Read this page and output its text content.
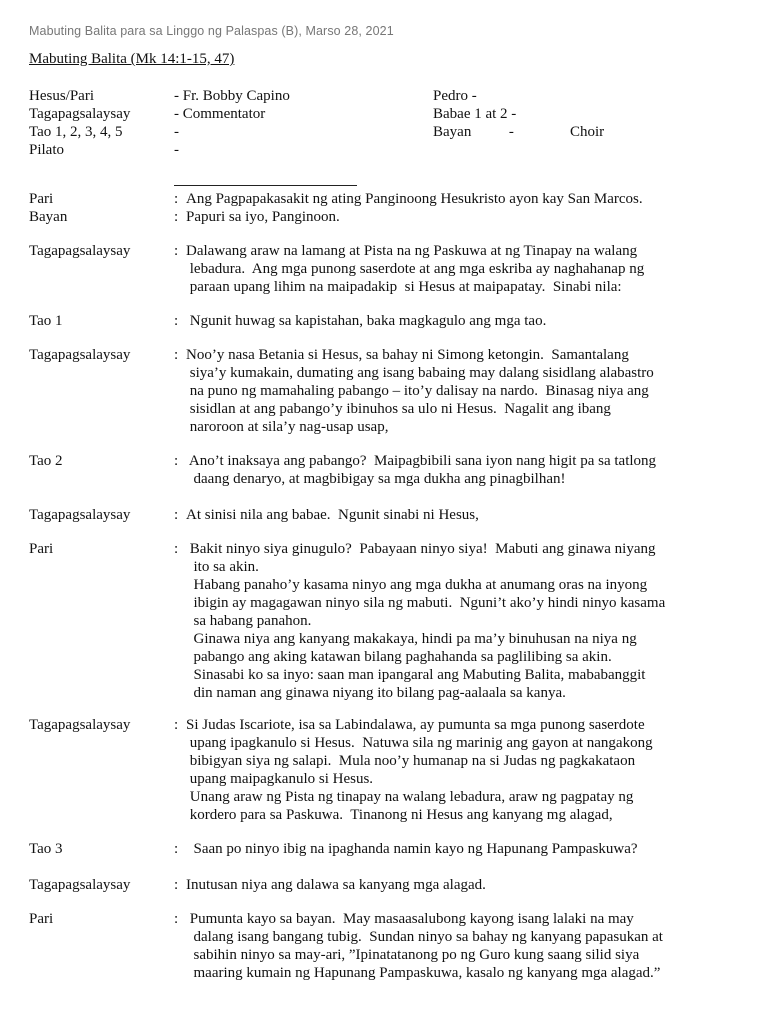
Mabuting Balita para sa Linggo ng Palaspas (B), Marso 28, 2021
Mabuting Balita (Mk 14:1-15, 47)
Hesus/Pari	- Fr. Bobby Capino	Pedro -
Tagapagsalaysay	- Commentator	Babae 1 at 2 -
Tao 1, 2, 3, 4, 5	-	Bayan          -	Choir
Pilato	-
Pari	: Ang Pagpapakasakit ng ating Panginoong Hesukristo ayon kay San Marcos.
Bayan	: Papuri sa iyo, Panginoon.
Tagapagsalaysay	: Dalawang araw na lamang at Pista na ng Paskuwa at ng Tinapay na walang
lebadura.  Ang mga punong saserdote at ang mga eskriba ay naghahanap ng
paraan upang lihim na maipadakip  si Hesus at maipapatay.  Sinabi nila:
Tao 1	: Ngunit huwag sa kapistahan, baka magkagulo ang mga tao.
Tagapagsalaysay	: Noo’y nasa Betania si Hesus, sa bahay ni Simong ketongin.  Samantalang
siya’y kumakain, dumating ang isang babaing may dalang sisidlang alabastro
na puno ng mamahaling pabango – ito’y dalisay na nardo.  Binasag niya ang
sisidlan at ang pabango’y ibinuhos sa ulo ni Hesus.  Nagalit ang ibang
naroroon at sila’y nag-usap usap,
Tao 2	: Ano’t inaksaya ang pabango?  Maipagbibili sana iyon nang higit pa sa tatlong
daang denaryo, at magbibigay sa mga dukha ang pinagbilhan!
Tagapagsalaysay	: At sinisi nila ang babae.  Ngunit sinabi ni Hesus,
Pari	: Bakit ninyo siya ginugulo?  Pabayaan ninyo siya!  Mabuti ang ginawa niyang
ito sa akin.
Habang panaho’y kasama ninyo ang mga dukha at anumang oras na inyong
ibigin ay magagawan ninyo sila ng mabuti.  Nguni’t ako’y hindi ninyo kasama
sa habang panahon.
Ginawa niya ang kanyang makakaya, hindi pa ma’y binuhusan na niya ng
pabango ang aking katawan bilang paghahanda sa paglilibing sa akin.
Sinasabi ko sa inyo: saan man ipangaral ang Mabuting Balita, mababanggit
din naman ang ginawa niyang ito bilang pag-aalaala sa kanya.
Tagapagsalaysay	: Si Judas Iscariote, isa sa Labindalawa, ay pumunta sa mga punong saserdote
upang ipagkanulo si Hesus.  Natuwa sila ng marinig ang gayon at nangakong
bibigyan siya ng salapi.  Mula noo’y humanap na si Judas ng pagkakataon
upang maipagkanulo si Hesus.
Unang araw ng Pista ng tinapay na walang lebadura, araw ng pagpatay ng
kordero para sa Paskuwa.  Tinanong ni Hesus ang kanyang mg alagad,
Tao 3	: Saan po ninyo ibig na ipaghanda namin kayo ng Hapunang Pampaskuwa?
Tagapagsalaysay	: Inutusan niya ang dalawa sa kanyang mga alagad.
Pari	: Pumunta kayo sa bayan.  May masaasalubong kayong isang lalaki na may
dalang isang bangang tubig.  Sundan ninyo sa bahay ng kanyang papasukan at
sabihin ninyo sa may-ari, ”Ipinatatanong po ng Guro kung saang silid siya
maaring kumain ng Hapunang Pampaskuwa, kasalo ng kanyang mga alagad.”
